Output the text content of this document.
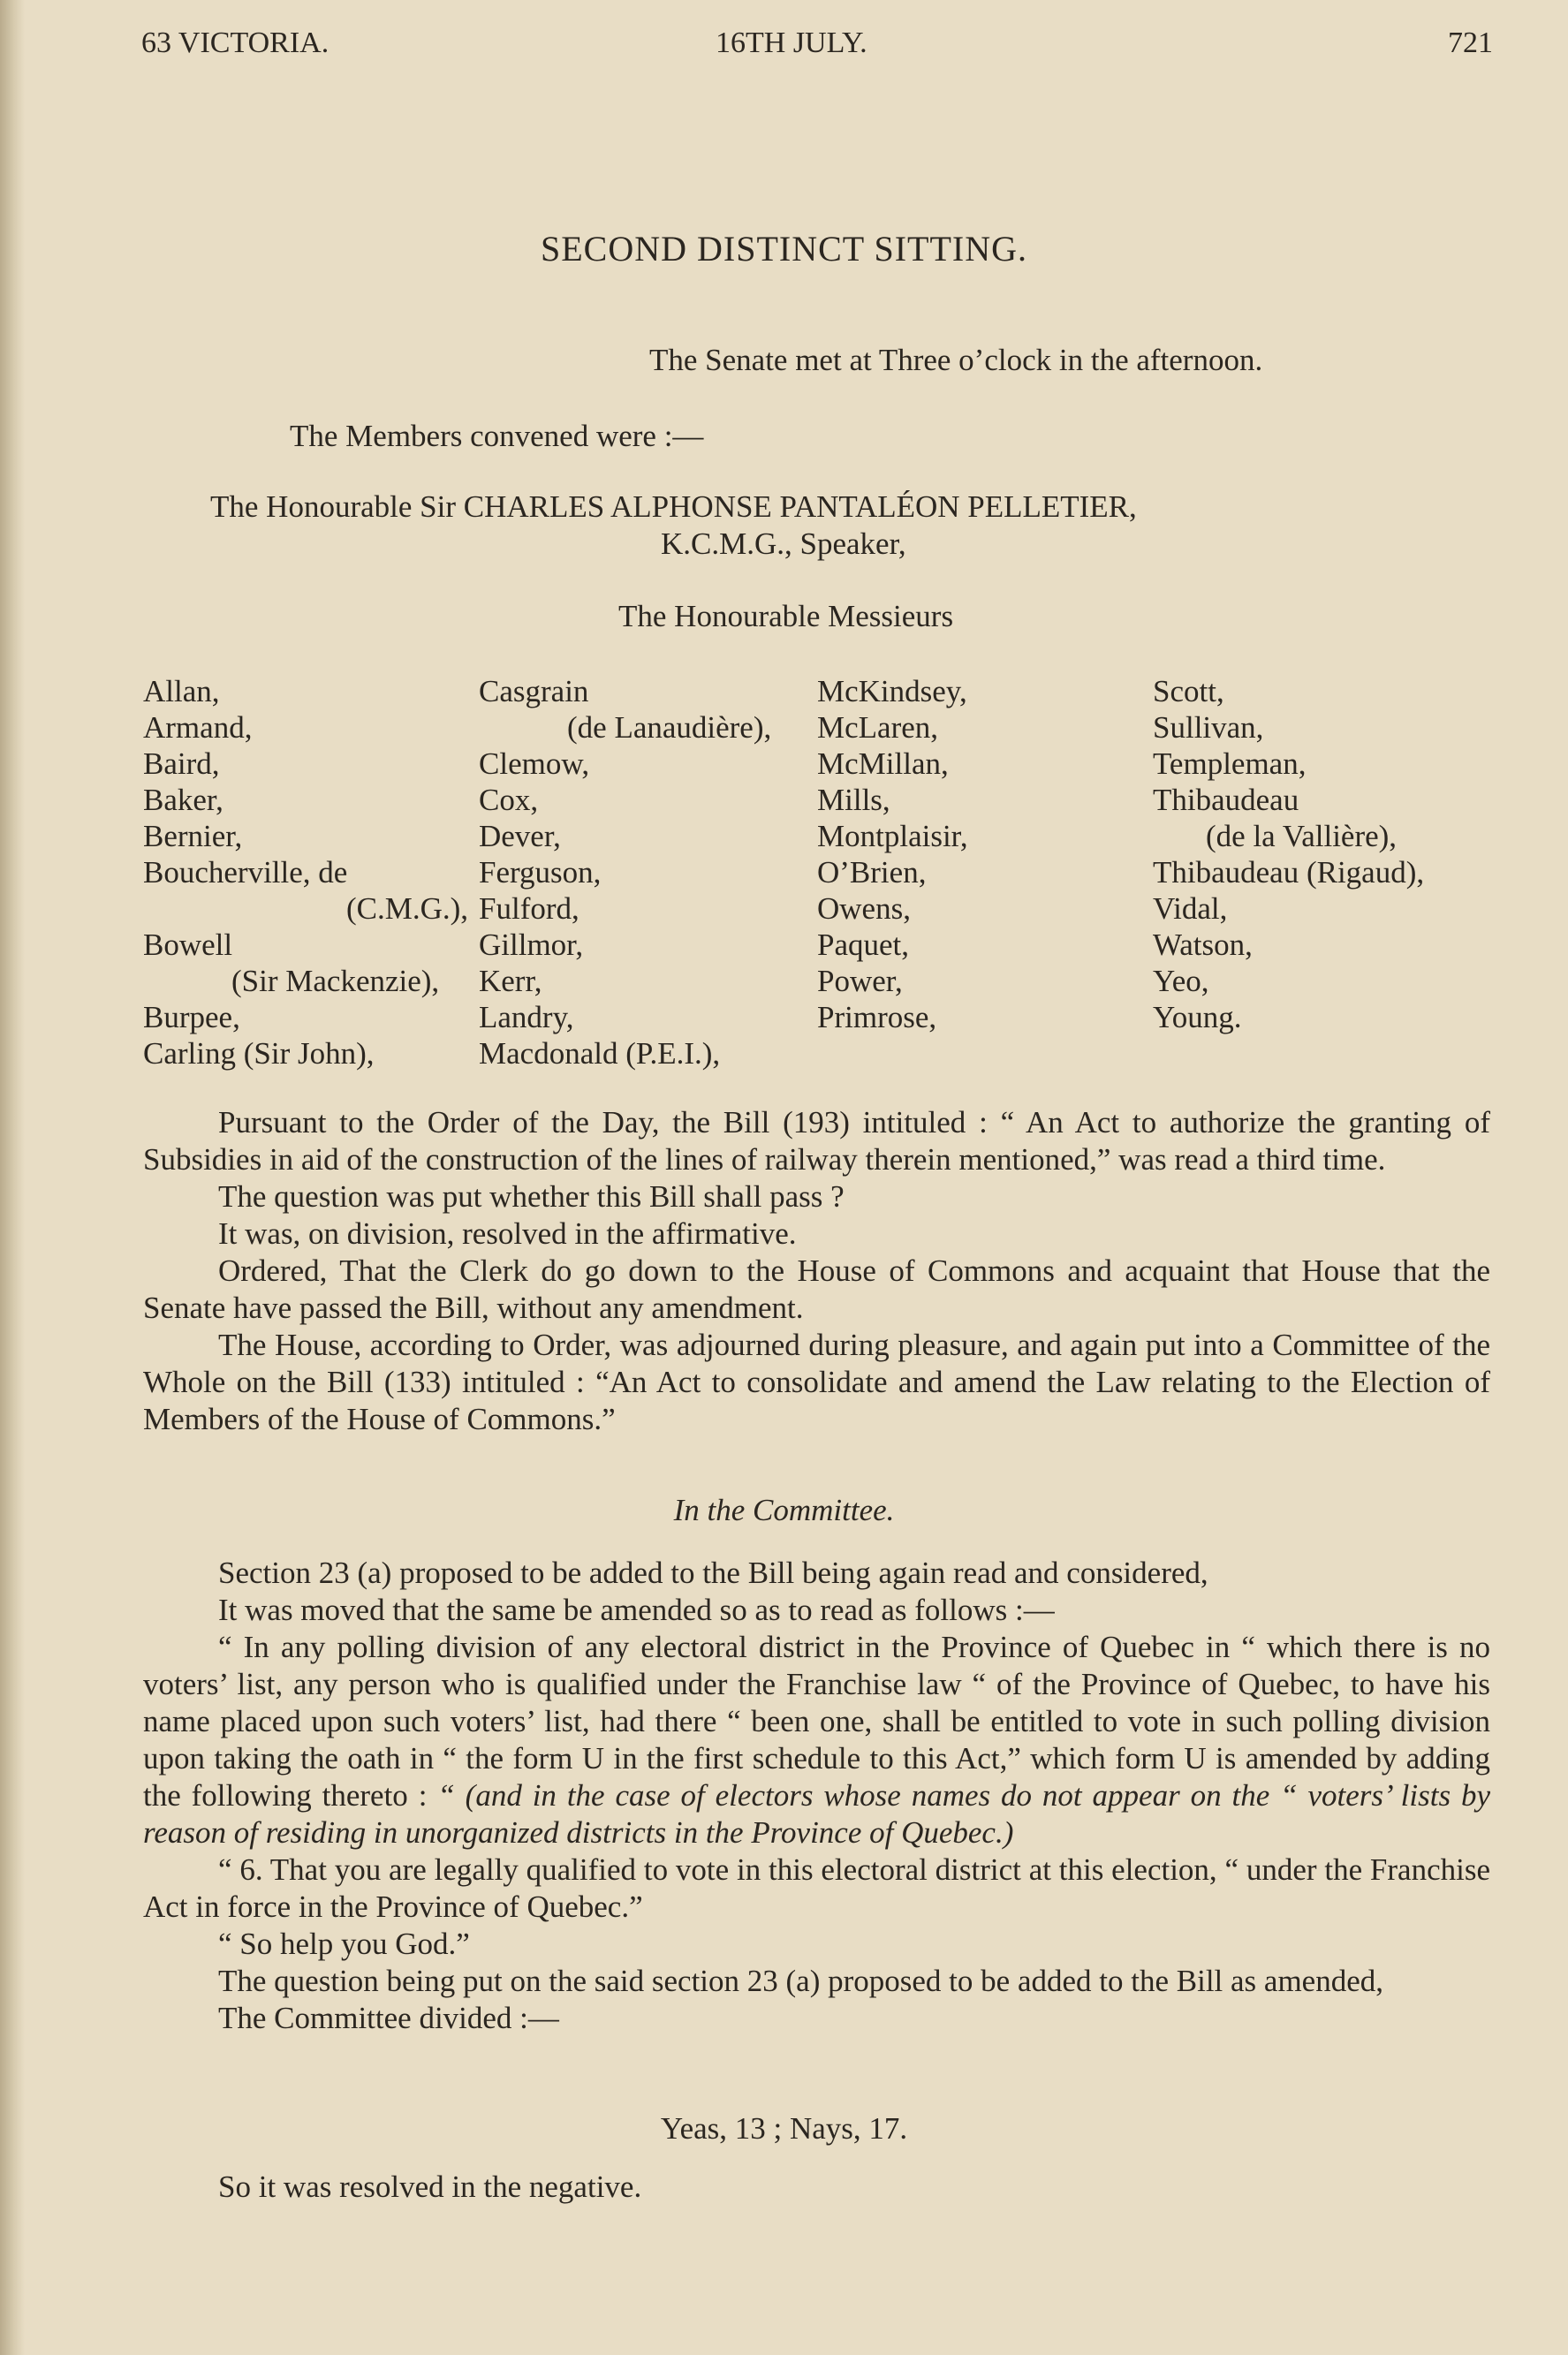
63 VICTORIA.	16TH JULY.	721
SECOND DISTINCT SITTING.
The Senate met at Three o’clock in the afternoon.
The Members convened were :—
The Honourable Sir CHARLES ALPHONSE PANTALÉON PELLETIER,
K.C.M.G., Speaker,
The Honourable Messieurs
Allan,
Armand,
Baird,
Baker,
Bernier,
Boucherville, de
(C.M.G.),
Bowell
(Sir Mackenzie),
Burpee,
Carling (Sir John),
Casgrain
(de Lanaudière),
Clemow,
Cox,
Dever,
Ferguson,
Fulford,
Gillmor,
Kerr,
Landry,
Macdonald (P.E.I.),
McKindsey,
McLaren,
McMillan,
Mills,
Montplaisir,
O’Brien,
Owens,
Paquet,
Power,
Primrose,
Scott,
Sullivan,
Templeman,
Thibaudeau
(de la Vallière),
Thibaudeau (Rigaud),
Vidal,
Watson,
Yeo,
Young.

Pursuant to the Order of the Day, the Bill (193) intituled : “ An Act to authorize the granting of Subsidies in aid of the construction of the lines of railway therein mentioned,” was read a third time.

The question was put whether this Bill shall pass ?

It was, on division, resolved in the affirmative.

Ordered, That the Clerk do go down to the House of Commons and acquaint that House that the Senate have passed the Bill, without any amendment.

The House, according to Order, was adjourned during pleasure, and again put into a Committee of the Whole on the Bill (133) intituled : “An Act to consolidate and amend the Law relating to the Election of Members of the House of Commons.”

In the Committee.

Section 23 (a) proposed to be added to the Bill being again read and considered,

It was moved that the same be amended so as to read as follows :—

“ In any polling division of any electoral district in the Province of Quebec in “ which there is no voters’ list, any person who is qualified under the Franchise law “ of the Province of Quebec, to have his name placed upon such voters’ list, had there “ been one, shall be entitled to vote in such polling division upon taking the oath in “ the form U in the first schedule to this Act,” which form U is amended by adding the following thereto : “ (and in the case of electors whose names do not appear on the “ voters’ lists by reason of residing in unorganized districts in the Province of Quebec.)

“ 6. That you are legally qualified to vote in this electoral district at this election, “ under the Franchise Act in force in the Province of Quebec.”

“ So help you God.”

The question being put on the said section 23 (a) proposed to be added to the Bill as amended,

The Committee divided :—

Yeas, 13 ; Nays, 17.
So it was resolved in the negative.
